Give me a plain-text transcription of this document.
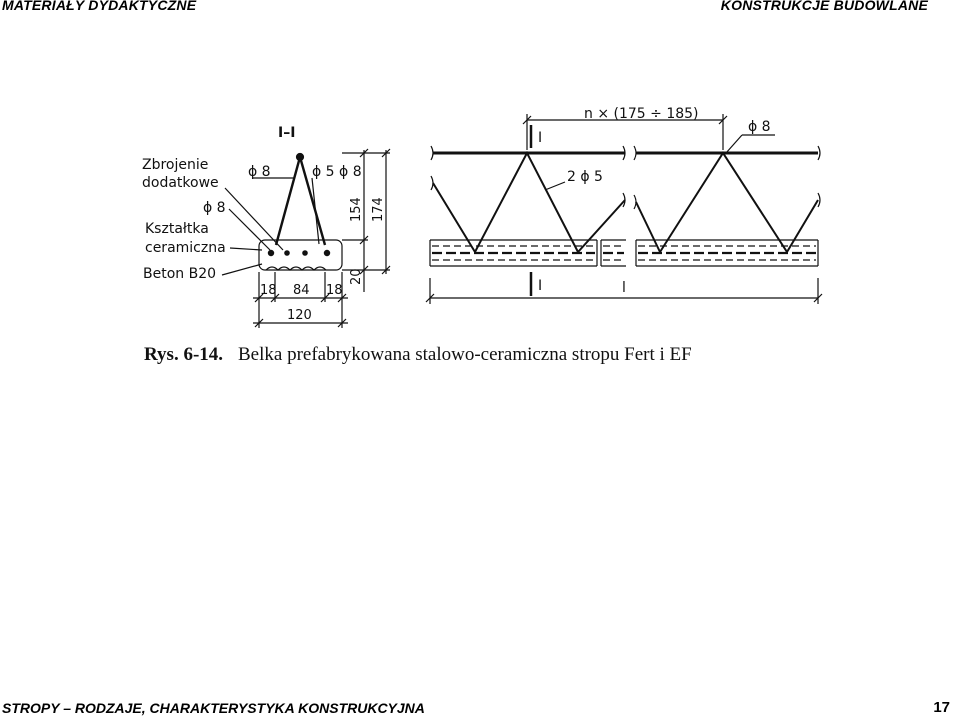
MATERIAŁY DYDAKTYCZNE	KONSTRUKCJE BUDOWLANE
I–I
Zbrojenie
dodatkowe
ϕ 8	ϕ 5 ϕ 8
ϕ 8
Kształtka
ceramiczna
Beton B20
18 84 18
120
154 174
20
n × (175 ÷ 185)
ϕ 8
2 ϕ 5
I
I	l
Rys. 6-14. Belka prefabrykowana stalowo-ceramiczna stropu Fert i EF
STROPY – RODZAJE, CHARAKTERYSTYKA KONSTRUKCYJNA	17
